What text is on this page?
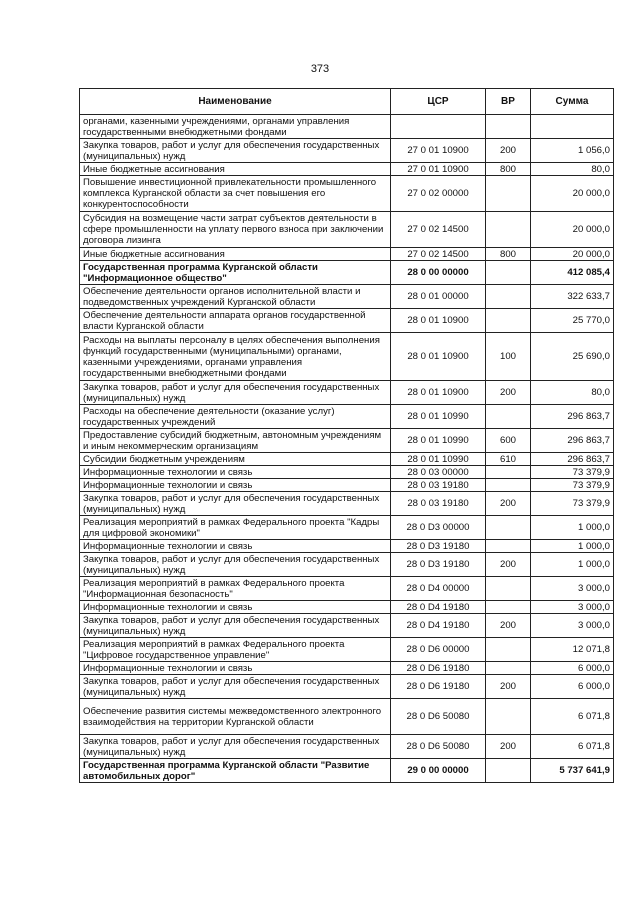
373
Наименование	ЦСР	ВР	Сумма
органами, казенными учреждениями, органами управления государственными внебюджетными фондами			
Закупка товаров, работ и услуг для обеспечения государственных (муниципальных) нужд	27 0 01 10900	200	1 056,0
Иные бюджетные ассигнования	27 0 01 10900	800	80,0
Повышение инвестиционной привлекательности промышленного комплекса Курганской области за счет повышения его конкурентоспособности	27 0 02 00000		20 000,0
Субсидия на возмещение части затрат субъектов деятельности в сфере промышленности на уплату первого взноса при заключении договора лизинга	27 0 02 14500		20 000,0
Иные бюджетные ассигнования	27 0 02 14500	800	20 000,0
Государственная программа Курганской области "Информационное общество"	28 0 00 00000		412 085,4
Обеспечение деятельности органов исполнительной власти и подведомственных учреждений Курганской области	28 0 01 00000		322 633,7
Обеспечение деятельности аппарата органов государственной власти Курганской области	28 0 01 10900		25 770,0
Расходы на выплаты персоналу в целях обеспечения выполнения функций государственными (муниципальными) органами, казенными учреждениями, органами управления государственными внебюджетными фондами	28 0 01 10900	100	25 690,0
Закупка товаров, работ и услуг для обеспечения государственных (муниципальных) нужд	28 0 01 10900	200	80,0
Расходы на обеспечение деятельности (оказание услуг) государственных учреждений	28 0 01 10990		296 863,7
Предоставление субсидий бюджетным, автономным учреждениям и иным некоммерческим организациям	28 0 01 10990	600	296 863,7
Субсидии бюджетным учреждениям	28 0 01 10990	610	296 863,7
Информационные технологии и связь	28 0 03 00000		73 379,9
Информационные технологии и связь	28 0 03 19180		73 379,9
Закупка товаров, работ и услуг для обеспечения государственных (муниципальных) нужд	28 0 03 19180	200	73 379,9
Реализация мероприятий в рамках Федерального проекта "Кадры для цифровой экономики"	28 0 D3 00000		1 000,0
Информационные технологии и связь	28 0 D3 19180		1 000,0
Закупка товаров, работ и услуг для обеспечения государственных (муниципальных) нужд	28 0 D3 19180	200	1 000,0
Реализация мероприятий в рамках Федерального проекта "Информационная безопасность"	28 0 D4 00000		3 000,0
Информационные технологии и связь	28 0 D4 19180		3 000,0
Закупка товаров, работ и услуг для обеспечения государственных (муниципальных) нужд	28 0 D4 19180	200	3 000,0
Реализация мероприятий в рамках Федерального проекта "Цифровое государственное управление"	28 0 D6 00000		12 071,8
Информационные технологии и связь	28 0 D6 19180		6 000,0
Закупка товаров, работ и услуг для обеспечения государственных (муниципальных) нужд	28 0 D6 19180	200	6 000,0
Обеспечение развития системы межведомственного электронного взаимодействия на территории Курганской области	28 0 D6 50080		6 071,8
Закупка товаров, работ и услуг для обеспечения государственных (муниципальных) нужд	28 0 D6 50080	200	6 071,8
Государственная программа Курганской области "Развитие автомобильных дорог"	29 0 00 00000		5 737 641,9
